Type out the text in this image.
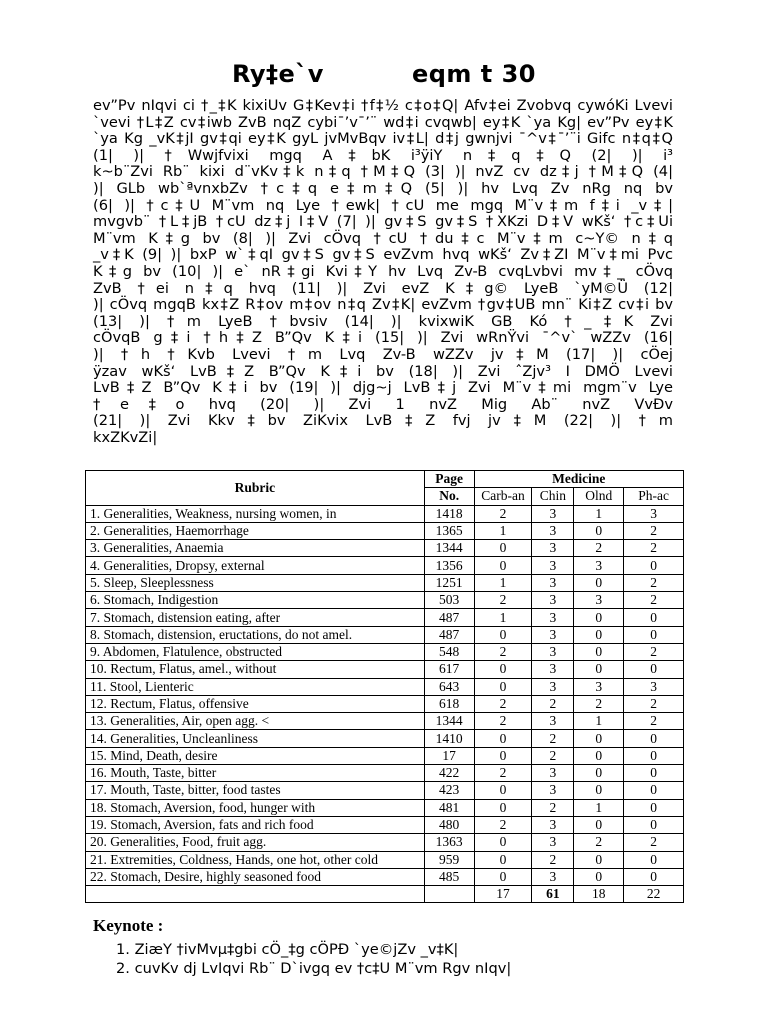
Ry‡e`v	eqm t 30
ev”Pv nIqvi ci †_‡K kixiUv G‡Kev‡i †f‡½ c‡o‡Q| Afv‡ei Zvobvq cywóKi Lvevi
`vevi †L‡Z cv‡iwb ZvB nqZ cybi¯’v¯’¨ wd‡i cvqwb| ey‡K `ya Kg| ev”Pv ey‡K
`ya Kg _vK‡jI gv‡qi ey‡K gyL jvMvBqv iv‡L| d‡j gwnjvi ¯^v‡¯’¨i Gifc n‡q‡Q
(1| )| †Wwjfvixi mgq A‡bK i³ÿiY n‡q‡Q (2| )| i³
k~b¨Zvi Rb¨ kixi d¨vKv‡k n‡q †M‡Q (3| )| nvZ cv dz‡j †M‡Q (4|
)| GLb wb`ªvnxbZv †c‡q e‡m‡Q (5| )| hv Lvq Zv nRg nq bv
(6| )| †c‡U M¨vm nq Lye †ewk| †cU me mgq M¨v‡m f‡i _v‡|
mvgvb¨ †L‡jB †cU dz‡j I‡V (7| )| gv‡S gv‡S †XKzi D‡V wKš‘ †c‡Ui
M¨vm K‡g bv (8| )| Zvi cÖvq †cU †du‡c M¨v‡m c~Y© n‡q
_v‡K (9| )| bxP w`‡qI gv‡S gv‡S evZvm hvq wKš‘ Zv‡ZI M¨v‡mi Pvc
K‡g bv (10| )| e` nR‡gi Kvi‡Y hv Lvq Zv-B cvqLvbvi mv‡_ cÖvq
ZvB †ei n‡q hvq (11| )| Zvi evZ K‡g© LyeB `yM©Ü (12|
)| cÖvq mgqB kx‡Z R‡ov m‡ov n‡q Zv‡K| evZvm †gv‡UB mn¨ Ki‡Z cv‡i bv
(13| )| †m LyeB †bvsiv (14| )| kvixwiK GB Kó †_‡K Zvi
cÖvqB g‡i †h‡Z B”Qv K‡i (15| )| Zvi wRnŸvi ¯^v` wZZv (16|
)| †h †Kvb Lvevi †m Lvq Zv-B wZZv jv‡M (17| )| cÖej
ÿzav wKš‘ LvB‡Z B”Qv K‡i bv (18| )| Zvi ˆZjv³ I DMÖ Lvevi
LvB‡Z B”Qv K‡i bv (19| )| djg~j LvB‡j Zvi M¨v‡mi mgm¨v Lye
†e‡o hvq (20| )| Zvi 1 nvZ Mig Ab¨ nvZ VvÐv
(21| )| Zvi Kkv‡bv ZiKvix LvB‡Z fvj jv‡M (22| )| †m
kxZKvZi|
Rubric	Page	Medicine			
	No.	Carb-an	Chin	Olnd	Ph-ac
1. Generalities, Weakness, nursing women, in	1418	2	3	1	3
2. Generalities, Haemorrhage	1365	1	3	0	2
3. Generalities, Anaemia	1344	0	3	2	2
4. Generalities, Dropsy, external	1356	0	3	3	0
5. Sleep, Sleeplessness	1251	1	3	0	2
6. Stomach, Indigestion	503	2	3	3	2
7. Stomach, distension eating, after	487	1	3	0	0
8. Stomach, distension, eructations, do not amel.	487	0	3	0	0
9. Abdomen, Flatulence, obstructed	548	2	3	0	2
10. Rectum, Flatus, amel., without	617	0	3	0	0
11. Stool, Lienteric	643	0	3	3	3
12. Rectum, Flatus, offensive	618	2	2	2	2
13. Generalities, Air, open agg. <	1344	2	3	1	2
14. Generalities, Uncleanliness	1410	0	2	0	0
15. Mind, Death, desire	17	0	2	0	0
16. Mouth, Taste, bitter	422	2	3	0	0
17. Mouth, Taste, bitter, food tastes	423	0	3	0	0
18. Stomach, Aversion, food, hunger with	481	0	2	1	0
19. Stomach, Aversion, fats and rich food	480	2	3	0	0
20. Generalities, Food, fruit agg.	1363	0	3	2	2
21. Extremities, Coldness, Hands, one hot, other cold	959	0	2	0	0
22. Stomach, Desire, highly seasoned food	485	0	3	0	0
		17	61	18	22
Keynote :
1. ZiæY †ivMvµ‡gbi cÖ_‡g cÖPÐ `ye©jZv _v‡K|
2. cuvKv dj LvIqvi Rb¨ D`ivgq ev †c‡U M¨vm Rgv nIqv|
